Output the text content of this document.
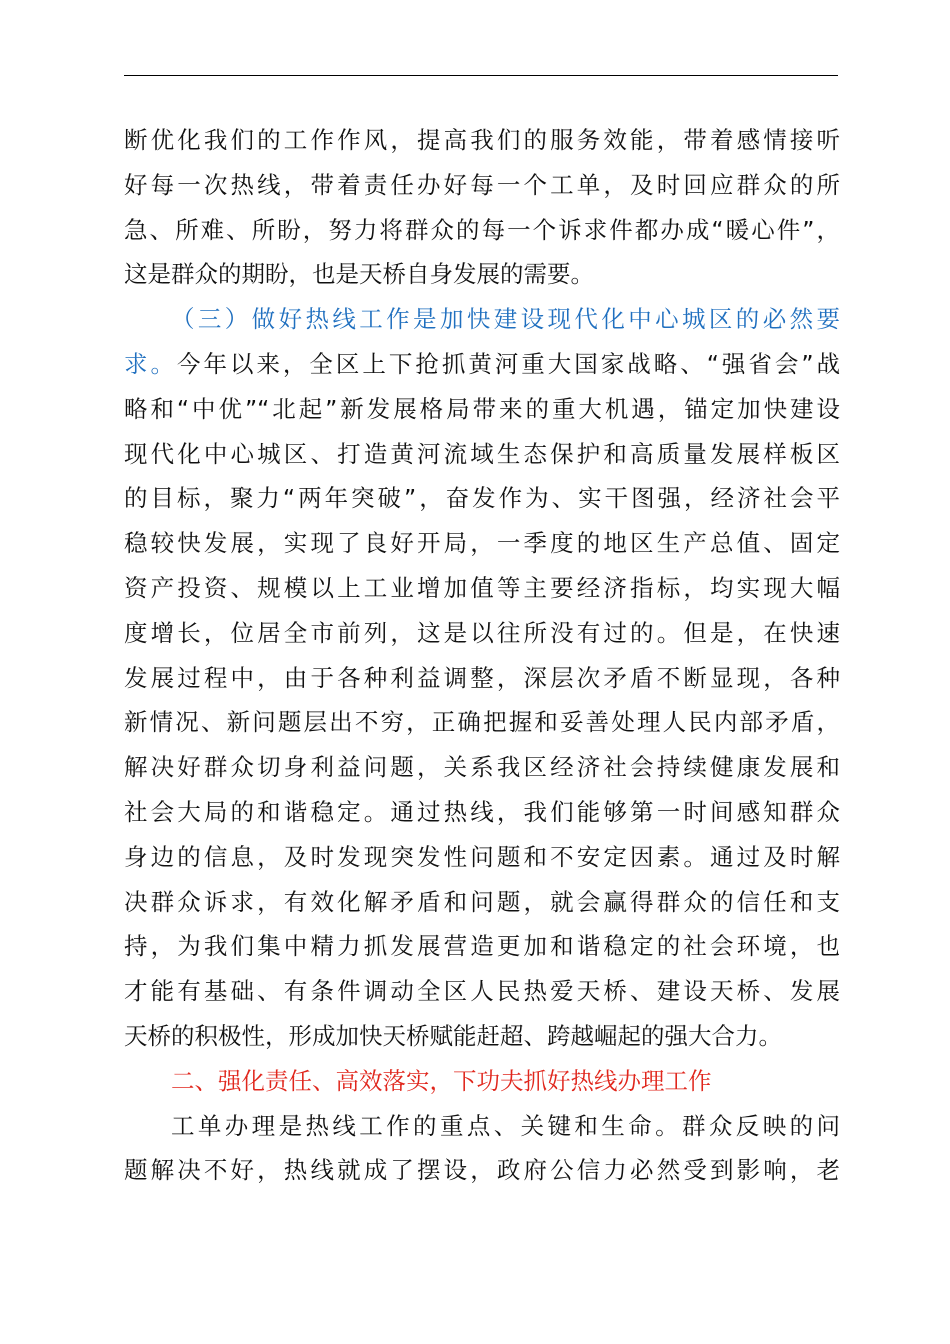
断优化我们的工作作风，提高我们的服务效能，带着感情接听
好每一次热线，带着责任办好每一个工单，及时回应群众的所
急、所难、所盼，努力将群众的每一个诉求件都办成“暖心件”，
这是群众的期盼，也是天桥自身发展的需要。
（三）做好热线工作是加快建设现代化中心城区的必然要
求。今年以来，全区上下抢抓黄河重大国家战略、“强省会”战
略和“中优”“北起”新发展格局带来的重大机遇，锚定加快建设
现代化中心城区、打造黄河流域生态保护和高质量发展样板区
的目标，聚力“两年突破”，奋发作为、实干图强，经济社会平
稳较快发展，实现了良好开局，一季度的地区生产总值、固定
资产投资、规模以上工业增加值等主要经济指标，均实现大幅
度增长，位居全市前列，这是以往所没有过的。但是，在快速
发展过程中，由于各种利益调整，深层次矛盾不断显现，各种
新情况、新问题层出不穷，正确把握和妥善处理人民内部矛盾，
解决好群众切身利益问题，关系我区经济社会持续健康发展和
社会大局的和谐稳定。通过热线，我们能够第一时间感知群众
身边的信息，及时发现突发性问题和不安定因素。通过及时解
决群众诉求，有效化解矛盾和问题，就会赢得群众的信任和支
持，为我们集中精力抓发展营造更加和谐稳定的社会环境，也
才能有基础、有条件调动全区人民热爱天桥、建设天桥、发展
天桥的积极性，形成加快天桥赋能赶超、跨越崛起的强大合力。
二、强化责任、高效落实，下功夫抓好热线办理工作
工单办理是热线工作的重点、关键和生命。群众反映的问
题解决不好，热线就成了摆设，政府公信力必然受到影响，老
